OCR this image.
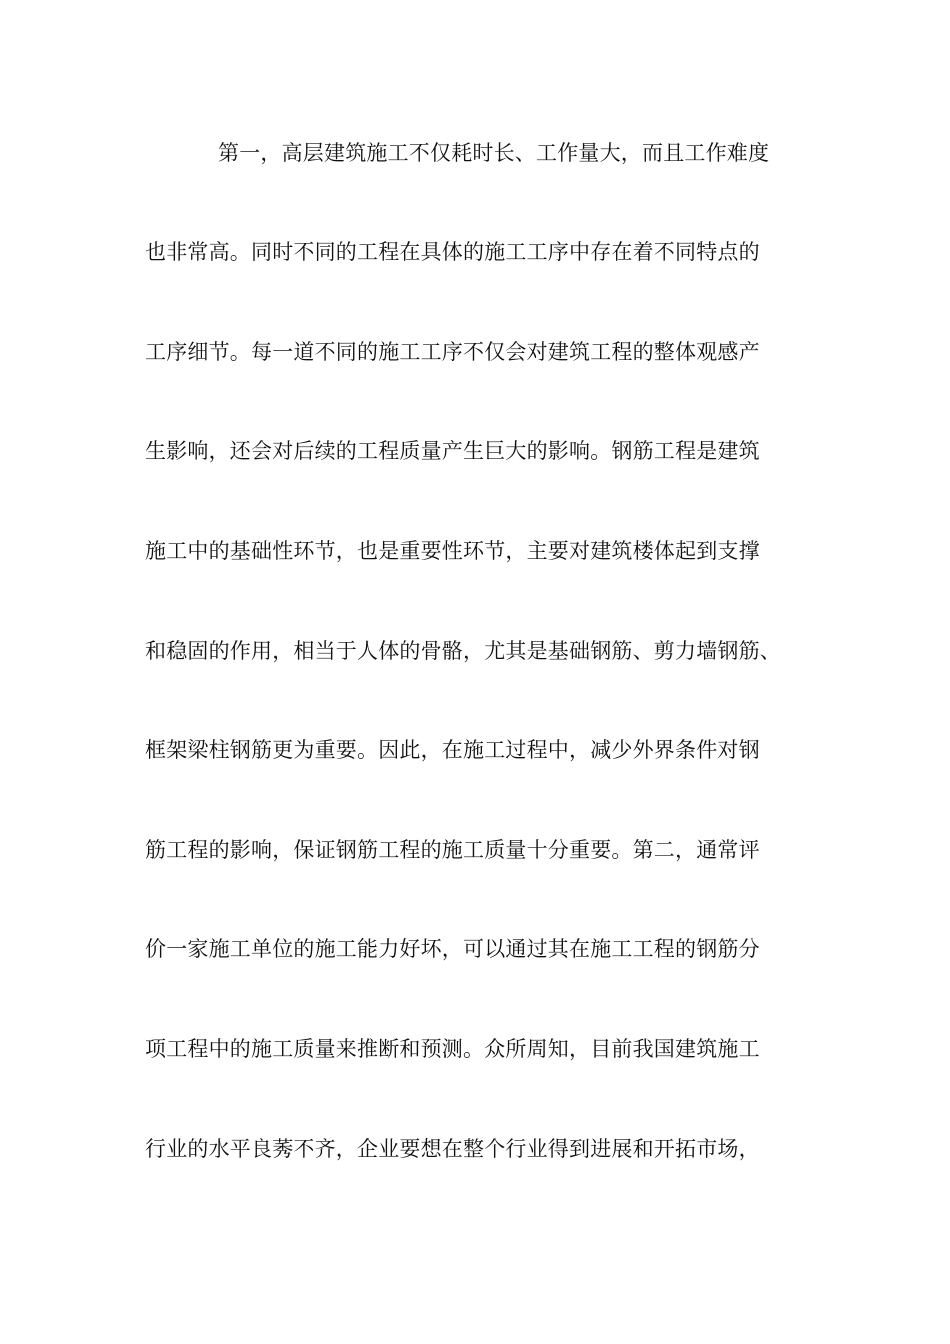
第一，高层建筑施工不仅耗时长、工作量大，而且工作难度
也非常高。同时不同的工程在具体的施工工序中存在着不同特点的
工序细节。每一道不同的施工工序不仅会对建筑工程的整体观感产
生影响，还会对后续的工程质量产生巨大的影响。钢筋工程是建筑
施工中的基础性环节，也是重要性环节，主要对建筑楼体起到支撑
和稳固的作用，相当于人体的骨骼，尤其是基础钢筋、剪力墙钢筋、
框架梁柱钢筋更为重要。因此，在施工过程中，减少外界条件对钢
筋工程的影响，保证钢筋工程的施工质量十分重要。第二，通常评
价一家施工单位的施工能力好坏，可以通过其在施工工程的钢筋分
项工程中的施工质量来推断和预测。众所周知，目前我国建筑施工
行业的水平良莠不齐，企业要想在整个行业得到进展和开拓市场，
